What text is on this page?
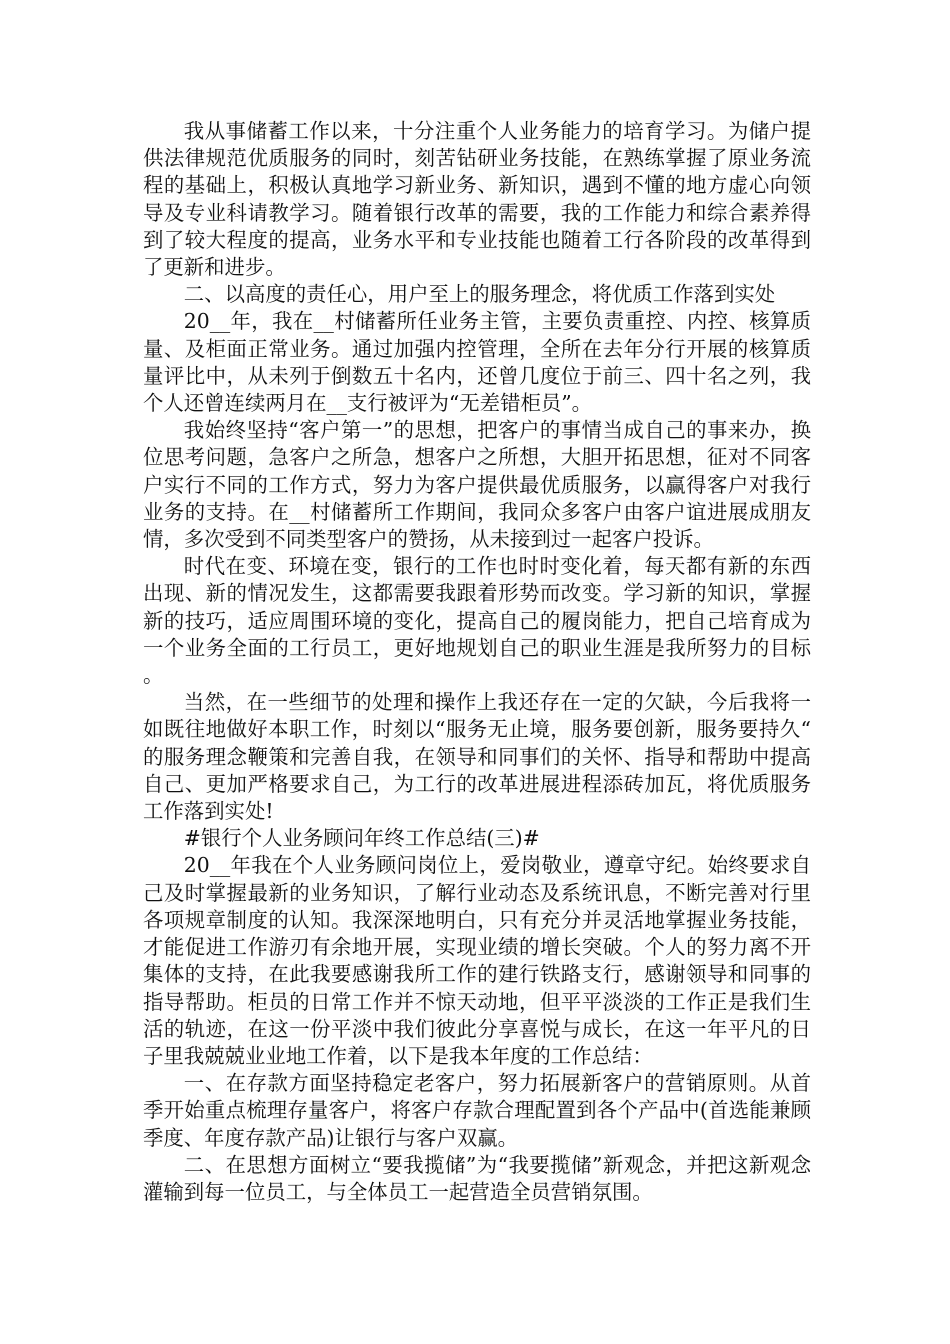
我从事储蓄工作以来，十分注重个人业务能力的培育学习。为储户提供法律规范优质服务的同时，刻苦钻研业务技能，在熟练掌握了原业务流程的基础上，积极认真地学习新业务、新知识，遇到不懂的地方虚心向领导及专业科请教学习。随着银行改革的需要，我的工作能力和综合素养得到了较大程度的提高，业务水平和专业技能也随着工行各阶段的改革得到了更新和进步。

二、以高度的责任心，用户至上的服务理念，将优质工作落到实处

20__年，我在__村储蓄所任业务主管，主要负责重控、内控、核算质量、及柜面正常业务。通过加强内控管理，全所在去年分行开展的核算质量评比中，从未列于倒数五十名内，还曾几度位于前三、四十名之列，我个人还曾连续两月在__支行被评为“无差错柜员”。

我始终坚持“客户第一”的思想，把客户的事情当成自己的事来办，换位思考问题，急客户之所急，想客户之所想，大胆开拓思想，征对不同客户实行不同的工作方式，努力为客户提供最优质服务，以赢得客户对我行业务的支持。在__村储蓄所工作期间，我同众多客户由客户谊进展成朋友情，多次受到不同类型客户的赞扬，从未接到过一起客户投诉。

时代在变、环境在变，银行的工作也时时变化着，每天都有新的东西出现、新的情况发生，这都需要我跟着形势而改变。学习新的知识，掌握新的技巧，适应周围环境的变化，提高自己的履岗能力，把自己培育成为一个业务全面的工行员工，更好地规划自己的职业生涯是我所努力的目标。

当然，在一些细节的处理和操作上我还存在一定的欠缺，今后我将一如既往地做好本职工作，时刻以“服务无止境，服务要创新，服务要持久“的服务理念鞭策和完善自我，在领导和同事们的关怀、指导和帮助中提高自己、更加严格要求自己，为工行的改革进展进程添砖加瓦，将优质服务工作落到实处!

#银行个人业务顾问年终工作总结(三)#

20__年我在个人业务顾问岗位上，爱岗敬业，遵章守纪。始终要求自己及时掌握最新的业务知识，了解行业动态及系统讯息，不断完善对行里各项规章制度的认知。我深深地明白，只有充分并灵活地掌握业务技能，才能促进工作游刃有余地开展，实现业绩的增长突破。个人的努力离不开集体的支持，在此我要感谢我所工作的建行铁路支行，感谢领导和同事的指导帮助。柜员的日常工作并不惊天动地，但平平淡淡的工作正是我们生活的轨迹，在这一份平淡中我们彼此分享喜悦与成长，在这一年平凡的日子里我兢兢业业地工作着，以下是我本年度的工作总结：

一、在存款方面坚持稳定老客户，努力拓展新客户的营销原则。从首季开始重点梳理存量客户，将客户存款合理配置到各个产品中(首选能兼顾季度、年度存款产品)让银行与客户双赢。

二、在思想方面树立“要我揽储”为“我要揽储”新观念，并把这新观念灌输到每一位员工，与全体员工一起营造全员营销氛围。
